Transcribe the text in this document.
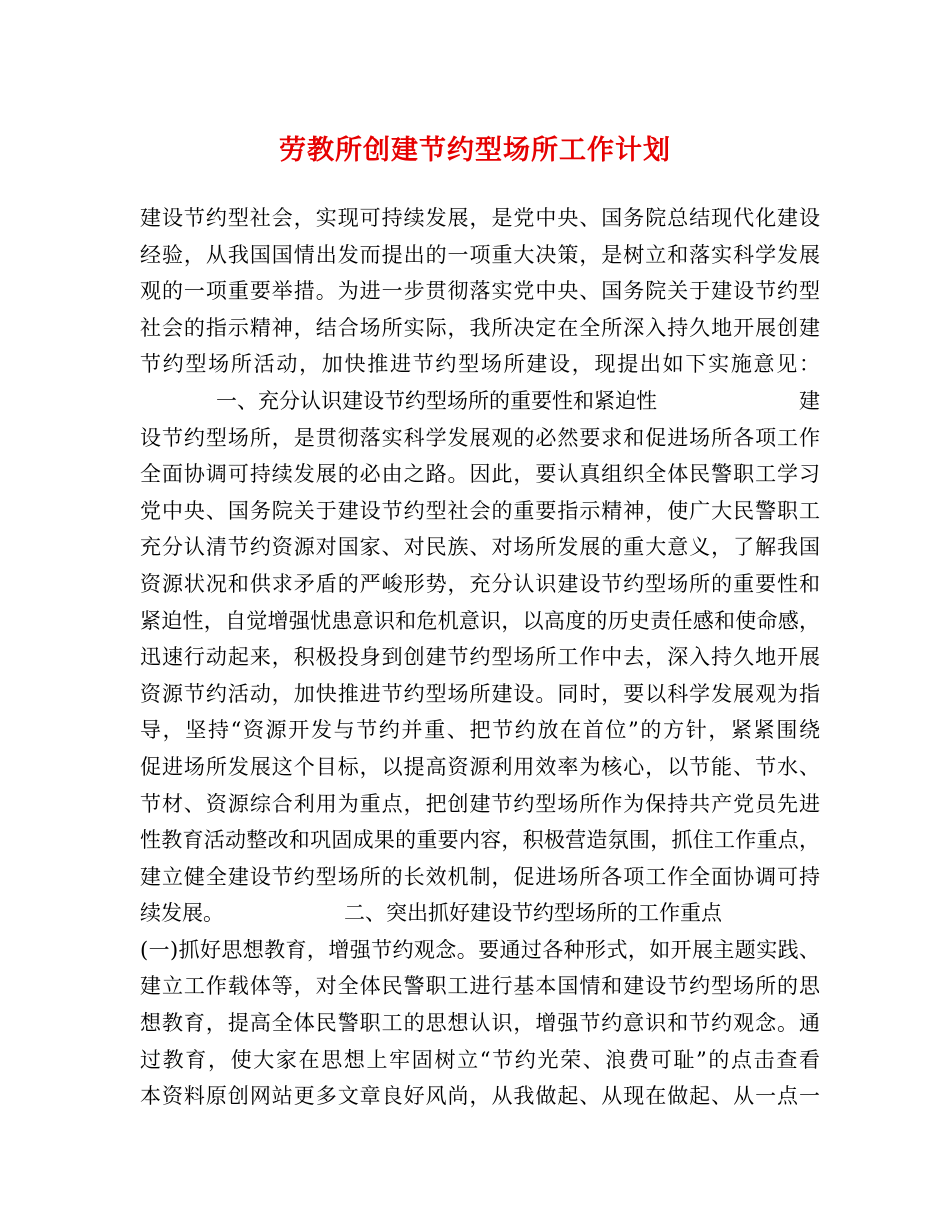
劳教所创建节约型场所工作计划
建设节约型社会，实现可持续发展，是党中央、国务院总结现代化建设
经验，从我国国情出发而提出的一项重大决策，是树立和落实科学发展
观的一项重要举措。为进一步贯彻落实党中央、国务院关于建设节约型
社会的指示精神，结合场所实际，我所决定在全所深入持久地开展创建
节约型场所活动，加快推进节约型场所建设，现提出如下实施意见：
一、充分认识建设节约型场所的重要性和紧迫性	建
设节约型场所，是贯彻落实科学发展观的必然要求和促进场所各项工作
全面协调可持续发展的必由之路。因此，要认真组织全体民警职工学习
党中央、国务院关于建设节约型社会的重要指示精神，使广大民警职工
充分认清节约资源对国家、对民族、对场所发展的重大意义，了解我国
资源状况和供求矛盾的严峻形势，充分认识建设节约型场所的重要性和
紧迫性，自觉增强忧患意识和危机意识，以高度的历史责任感和使命感，
迅速行动起来，积极投身到创建节约型场所工作中去，深入持久地开展
资源节约活动，加快推进节约型场所建设。同时，要以科学发展观为指
导，坚持“资源开发与节约并重、把节约放在首位”的方针，紧紧围绕
促进场所发展这个目标，以提高资源利用效率为核心，以节能、节水、
节材、资源综合利用为重点，把创建节约型场所作为保持共产党员先进
性教育活动整改和巩固成果的重要内容，积极营造氛围，抓住工作重点，
建立健全建设节约型场所的长效机制，促进场所各项工作全面协调可持
续发展。	二、突出抓好建设节约型场所的工作重点
(一)抓好思想教育，增强节约观念。要通过各种形式，如开展主题实践、
建立工作载体等，对全体民警职工进行基本国情和建设节约型场所的思
想教育，提高全体民警职工的思想认识，增强节约意识和节约观念。通
过教育，使大家在思想上牢固树立“节约光荣、浪费可耻”的点击查看
本资料原创网站更多文章良好风尚，从我做起、从现在做起、从一点一
